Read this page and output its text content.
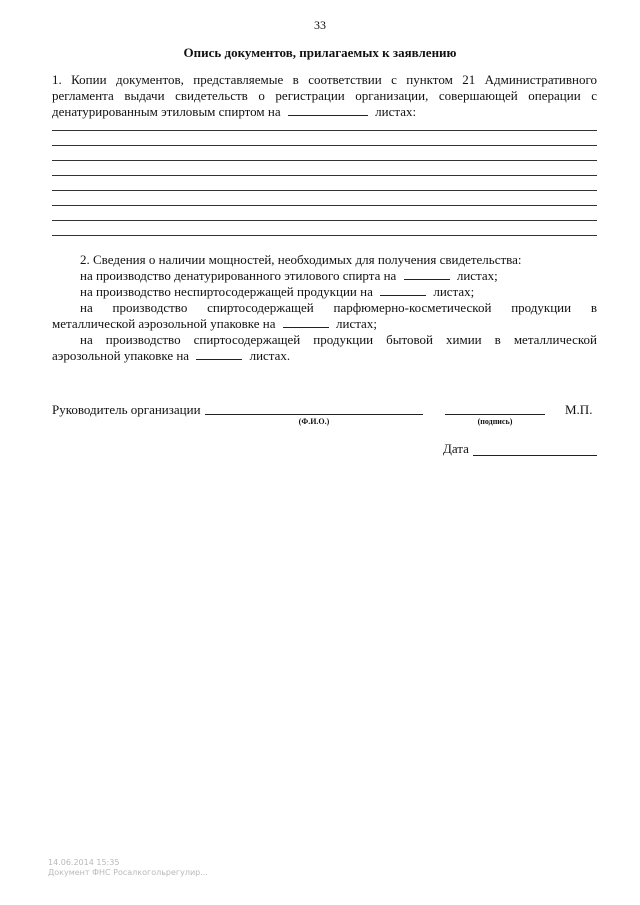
33
Опись документов, прилагаемых к заявлению
1. Копии документов, представляемые в соответствии с пунктом 21 Административного
регламента выдачи свидетельств о регистрации организации, совершающей операции с
денатурированным этиловым спиртом на	листах:
2. Сведения о наличии мощностей, необходимых для получения свидетельства:
на производство денатурированного этилового спирта на	листах;
на производство неспиртосодержащей продукции на	листах;
на производство спиртосодержащей парфюмерно-косметической продукции в
металлической аэрозольной упаковке на	листах;
на производство спиртосодержащей продукции бытовой химии в металлической
аэрозольной упаковке на	листах.
Руководитель организации
(Ф.И.О.)	(подпись)
М.П.
Дата
14.06.2014 15:35
Документ ФНС Росалкогольрегулир...
